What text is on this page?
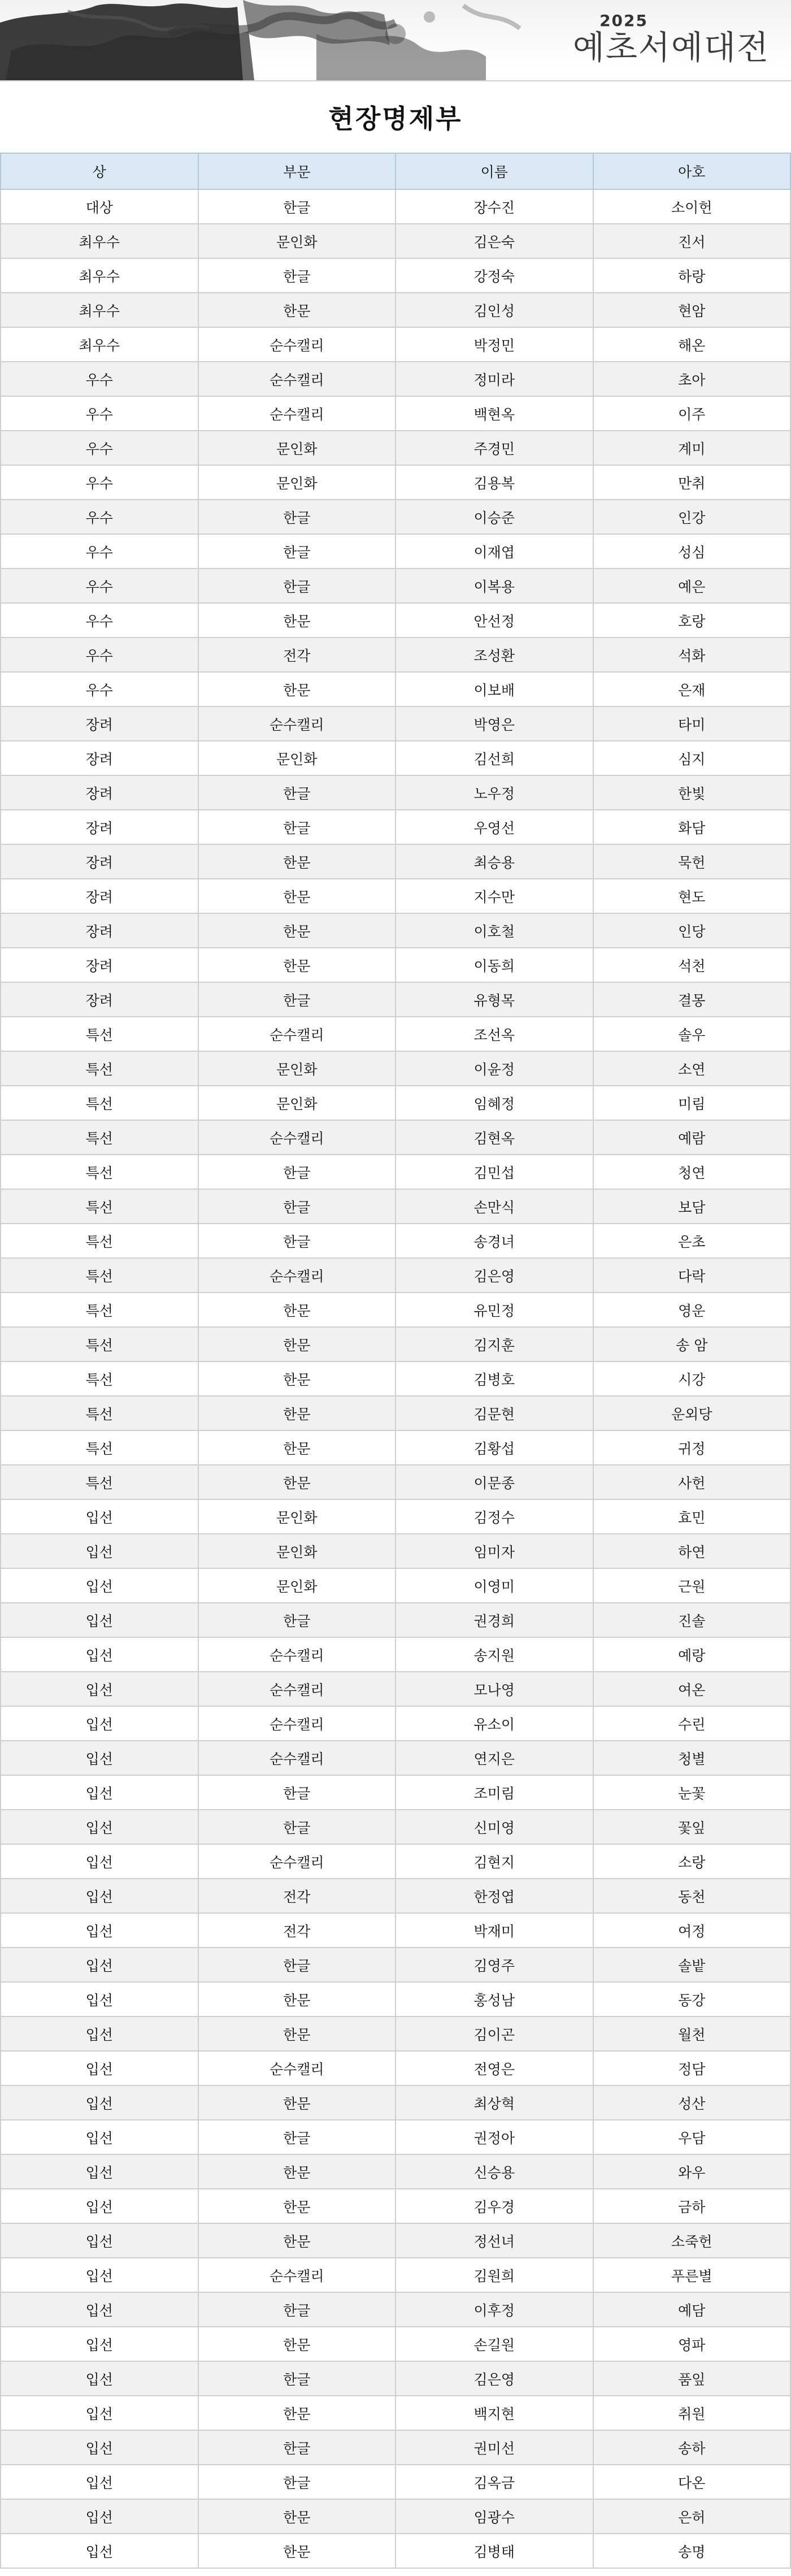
2025
예초서예대전
현장명제부
상	부문	이름	아호
대상	한글	장수진	소이헌
최우수	문인화	김은숙	진서
최우수	한글	강정숙	하랑
최우수	한문	김인성	현암
최우수	순수캘리	박정민	해온
우수	순수캘리	정미라	초아
우수	순수캘리	백현옥	이주
우수	문인화	주경민	계미
우수	문인화	김용복	만취
우수	한글	이승준	인강
우수	한글	이재엽	성심
우수	한글	이복용	예은
우수	한문	안선정	호랑
우수	전각	조성환	석화
우수	한문	이보배	은재
장려	순수캘리	박영은	타미
장려	문인화	김선희	심지
장려	한글	노우정	한빛
장려	한글	우영선	화담
장려	한문	최승용	묵헌
장려	한문	지수만	현도
장려	한문	이호철	인당
장려	한문	이동희	석천
장려	한글	유형목	결몽
특선	순수캘리	조선옥	솔우
특선	문인화	이윤정	소연
특선	문인화	임혜정	미림
특선	순수캘리	김현옥	예람
특선	한글	김민섭	청연
특선	한글	손만식	보담
특선	한글	송경녀	은초
특선	순수캘리	김은영	다락
특선	한문	유민정	영운
특선	한문	김지훈	송 암
특선	한문	김병호	시강
특선	한문	김문현	운외당
특선	한문	김황섭	귀정
특선	한문	이문종	사헌
입선	문인화	김정수	효민
입선	문인화	임미자	하연
입선	문인화	이영미	근원
입선	한글	권경희	진솔
입선	순수캘리	송지원	예랑
입선	순수캘리	모나영	여온
입선	순수캘리	유소이	수린
입선	순수캘리	연지은	청별
입선	한글	조미림	눈꽃
입선	한글	신미영	꽃잎
입선	순수캘리	김현지	소랑
입선	전각	한정엽	동천
입선	전각	박재미	여정
입선	한글	김영주	솔밭
입선	한문	홍성남	동강
입선	한문	김이곤	월천
입선	순수캘리	전영은	정담
입선	한문	최상혁	성산
입선	한글	권정아	우담
입선	한문	신승용	와우
입선	한문	김우경	금하
입선	한문	정선녀	소죽헌
입선	순수캘리	김원희	푸른별
입선	한글	이후정	예담
입선	한문	손길원	영파
입선	한글	김은영	품잎
입선	한문	백지현	취원
입선	한글	권미선	송하
입선	한글	김옥금	다온
입선	한문	임광수	은허
입선	한문	김병태	송명
